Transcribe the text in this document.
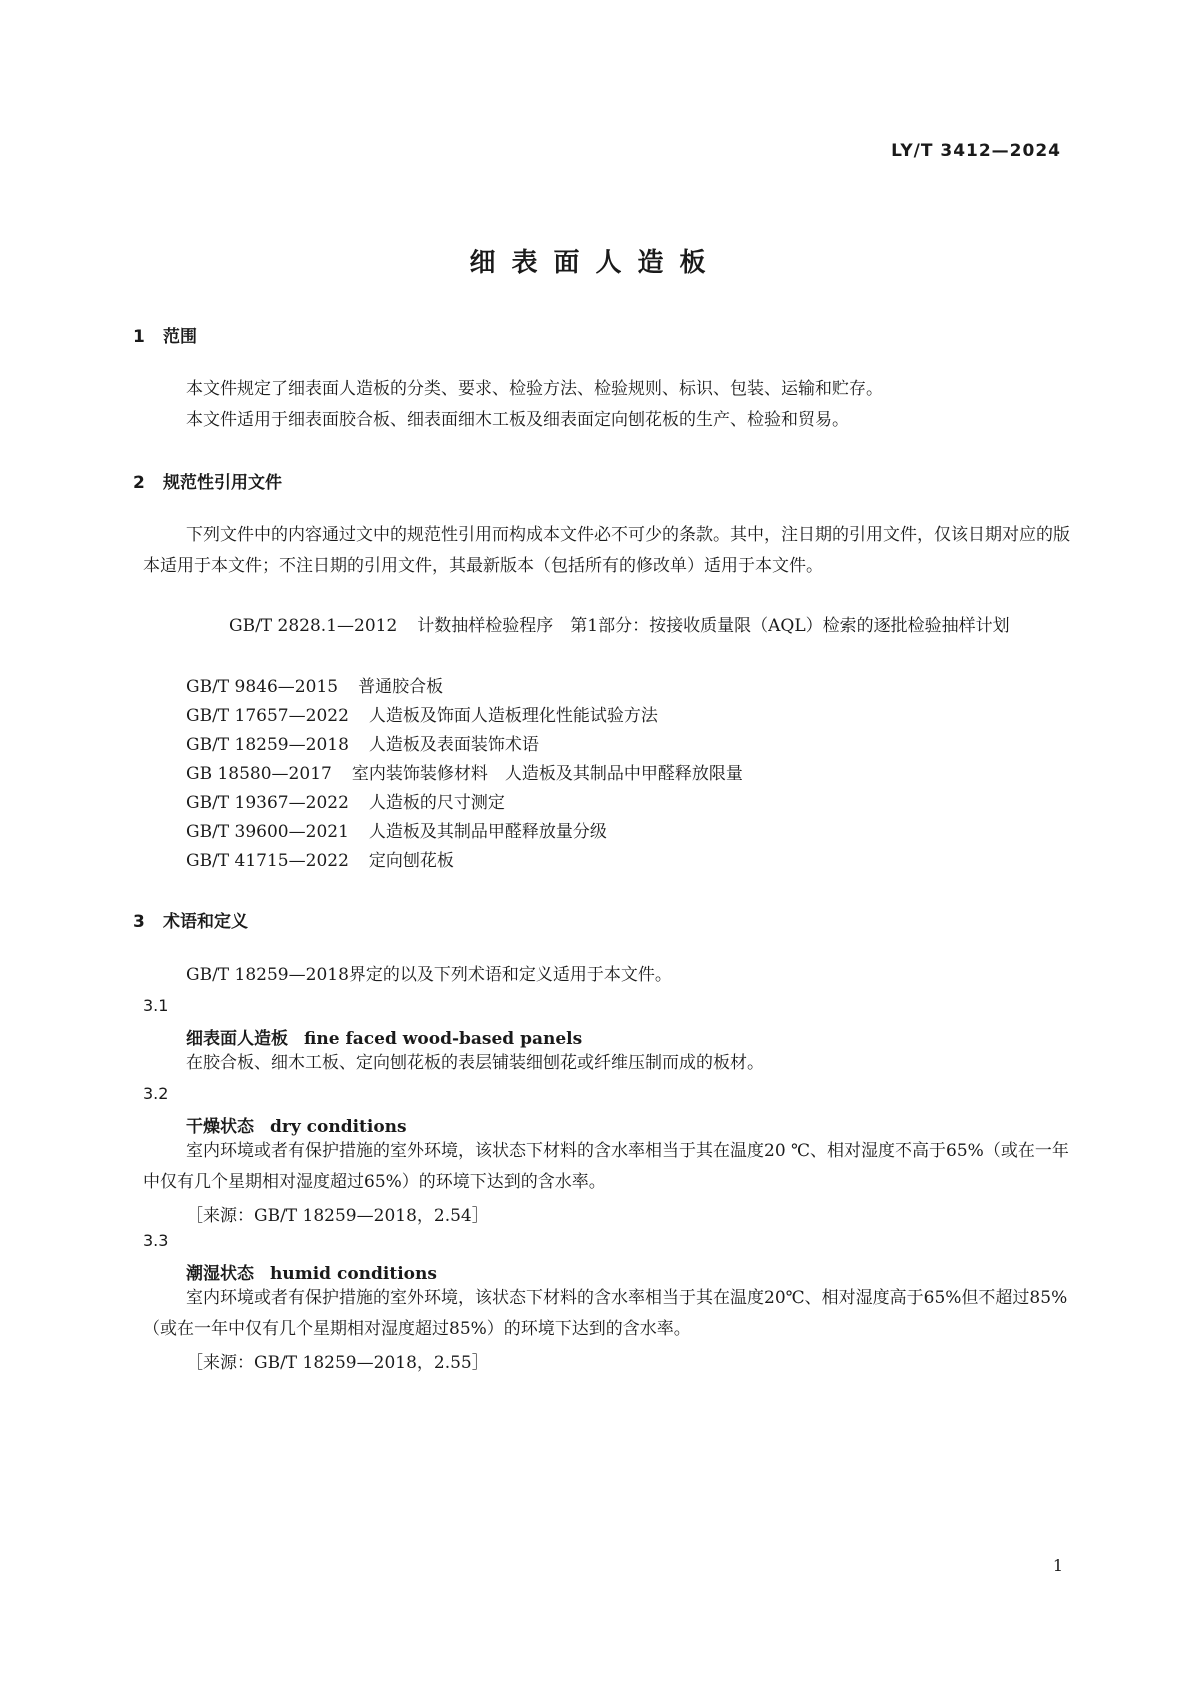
LY/T 3412—2024
细表面人造板
1 范围
本文件规定了细表面人造板的分类、要求、检验方法、检验规则、标识、包装、运输和贮存。
本文件适用于细表面胶合板、细表面细木工板及细表面定向刨花板的生产、检验和贸易。
2 规范性引用文件
下列文件中的内容通过文中的规范性引用而构成本文件必不可少的条款。其中，注日期的引用文件，仅该日期对应的版本适用于本文件；不注日期的引用文件，其最新版本（包括所有的修改单）适用于本文件。
GB/T 2828.1—2012 计数抽样检验程序　第1部分：按接收质量限（AQL）检索的逐批检验抽样计划
GB/T 9846—2015 普通胶合板
GB/T 17657—2022 人造板及饰面人造板理化性能试验方法
GB/T 18259—2018 人造板及表面装饰术语
GB 18580—2017 室内装饰装修材料　人造板及其制品中甲醛释放限量
GB/T 19367—2022 人造板的尺寸测定
GB/T 39600—2021 人造板及其制品甲醛释放量分级
GB/T 41715—2022 定向刨花板
3 术语和定义
GB/T 18259—2018界定的以及下列术语和定义适用于本文件。
3.1
细表面人造板 fine faced wood-based panels
在胶合板、细木工板、定向刨花板的表层铺装细刨花或纤维压制而成的板材。
3.2
干燥状态 dry conditions
室内环境或者有保护措施的室外环境，该状态下材料的含水率相当于其在温度20 ℃、相对湿度不高于65%（或在一年中仅有几个星期相对湿度超过65%）的环境下达到的含水率。
［来源：GB/T 18259—2018，2.54］
3.3
潮湿状态 humid conditions
室内环境或者有保护措施的室外环境，该状态下材料的含水率相当于其在温度20℃、相对湿度高于65%但不超过85%（或在一年中仅有几个星期相对湿度超过85%）的环境下达到的含水率。
［来源：GB/T 18259—2018，2.55］
1
